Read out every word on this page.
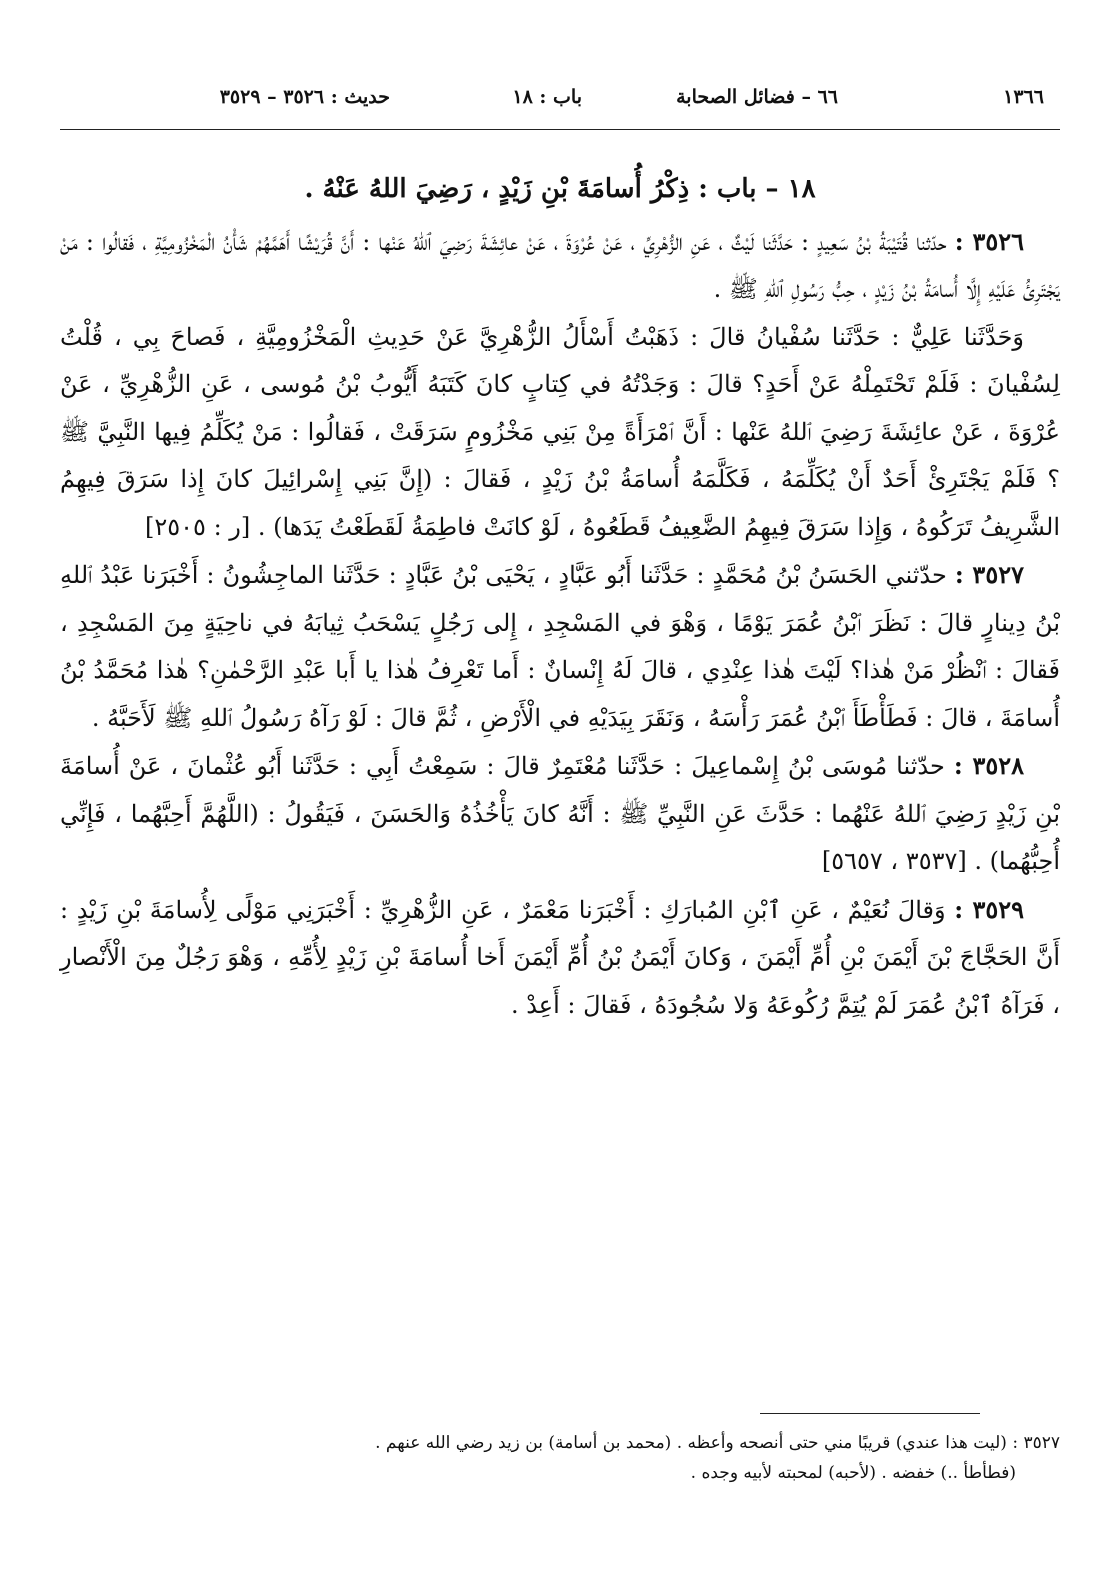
١٣٦٦
٦٦ – فضائل الصحابة
باب : ١٨
حديث : ٣٥٢٦ – ٣٥٢٩

١٨ – باب : ذِكْرُ أُسامَةَ بْنِ زَيْدٍ ، رَضِيَ اللهُ عَنْهُ .

٣٥٢٦ : حدّثنا قُتَيْبَةُ بْنُ سَعِيدٍ : حَدَّثَنا لَيْثٌ ، عَنِ الزُّهْرِيِّ ، عَنْ عُرْوَةَ ، عَنْ عائِشَةَ رَضِيَ ٱللهُ عَنْها : أَنَّ قُرَيْشًا أَهَمَّهُمْ شَأْنُ الْمَخْزُومِيَّةِ ، فَقالُوا : مَنْ يَجْتَرِئُ عَلَيْهِ إِلَّا أُسامَةُ بْنُ زَيْدٍ ، حِبُّ رَسُولِ ٱللهِ ﷺ .

وَحَدَّثَنا عَلِيٌّ : حَدَّثَنا سُفْيانُ قالَ : ذَهَبْتُ أَسْأَلُ الزُّهْرِيَّ عَنْ حَدِيثِ الْمَخْزُومِيَّةِ ، فَصاحَ بِي ، قُلْتُ لِسُفْيانَ : فَلَمْ تَحْتَمِلْهُ عَنْ أَحَدٍ؟ قالَ : وَجَدْتُهُ في كِتابٍ كانَ كَتَبَهُ أَيُّوبُ بْنُ مُوسى ، عَنِ الزُّهْرِيِّ ، عَنْ عُرْوَةَ ، عَنْ عائِشَةَ رَضِيَ ٱللهُ عَنْها : أَنَّ ٱمْرَأَةً مِنْ بَنِي مَخْزُومٍ سَرَقَتْ ، فَقالُوا : مَنْ يُكَلِّمُ فِيها النَّبِيَّ ﷺ ؟ فَلَمْ يَجْتَرِئْ أَحَدٌ أَنْ يُكَلِّمَهُ ، فَكَلَّمَهُ أُسامَةُ بْنُ زَيْدٍ ، فَقالَ : (إِنَّ بَنِي إِسْرائِيلَ كانَ إِذا سَرَقَ فِيهِمُ الشَّرِيفُ تَرَكُوهُ ، وَإِذا سَرَقَ فِيهِمُ الضَّعِيفُ قَطَعُوهُ ، لَوْ كانَتْ فاطِمَةُ لَقَطَعْتُ يَدَها) . [ر : ٢٥٠٥]

٣٥٢٧ : حدّثني الحَسَنُ بْنُ مُحَمَّدٍ : حَدَّثَنا أَبُو عَبَّادٍ ، يَحْيَى بْنُ عَبَّادٍ : حَدَّثَنا الماجِشُونُ : أَخْبَرَنا عَبْدُ ٱللهِ بْنُ دِينارٍ قالَ : نَظَرَ ٱبْنُ عُمَرَ يَوْمًا ، وَهْوَ في المَسْجِدِ ، إِلى رَجُلٍ يَسْحَبُ ثِيابَهُ في ناحِيَةٍ مِنَ المَسْجِدِ ، فَقالَ : ٱنْظُرْ مَنْ هٰذا؟ لَيْتَ هٰذا عِنْدِي ، قالَ لَهُ إِنْسانٌ : أَما تَعْرِفُ هٰذا يا أَبا عَبْدِ الرَّحْمٰنِ؟ هٰذا مُحَمَّدُ بْنُ أُسامَةَ ، قالَ : فَطَأْطَأَ ٱبْنُ عُمَرَ رَأْسَهُ ، وَنَقَرَ بِيَدَيْهِ في الْأَرْضِ ، ثُمَّ قالَ : لَوْ رَآهُ رَسُولُ ٱللهِ ﷺ لَأَحَبَّهُ .

٣٥٢٨ : حدّثنا مُوسَى بْنُ إِسْماعِيلَ : حَدَّثَنا مُعْتَمِرٌ قالَ : سَمِعْتُ أَبِي : حَدَّثَنا أَبُو عُثْمانَ ، عَنْ أُسامَةَ بْنِ زَيْدٍ رَضِيَ ٱللهُ عَنْهُما : حَدَّثَ عَنِ النَّبِيِّ ﷺ : أَنَّهُ كانَ يَأْخُذُهُ وَالحَسَنَ ، فَيَقُولُ : (اللَّهُمَّ أَحِبَّهُما ، فَإِنِّي أُحِبُّهُما) . [٣٥٣٧ ، ٥٦٥٧]

٣٥٢٩ : وَقالَ نُعَيْمٌ ، عَنِ ٱبْنِ المُبارَكِ : أَخْبَرَنا مَعْمَرٌ ، عَنِ الزُّهْرِيِّ : أَخْبَرَنِي مَوْلًى لِأُسامَةَ بْنِ زَيْدٍ : أَنَّ الحَجَّاجَ بْنَ أَيْمَنَ بْنِ أُمِّ أَيْمَنَ ، وَكانَ أَيْمَنُ بْنُ أُمِّ أَيْمَنَ أَخا أُسامَةَ بْنِ زَيْدٍ لِأُمِّهِ ، وَهْوَ رَجُلٌ مِنَ الْأَنْصارِ ، فَرَآهُ ٱبْنُ عُمَرَ لَمْ يُتِمَّ رُكُوعَهُ وَلا سُجُودَهُ ، فَقالَ : أَعِدْ .

٣٥٢٧ : (ليت هذا عندي) قريبًا مني حتى أنصحه وأعظه . (محمد بن أسامة) بن زيد رضي الله عنهم .

(فطأطأ ..) خفضه . (لأحبه) لمحبته لأبيه وجده .
